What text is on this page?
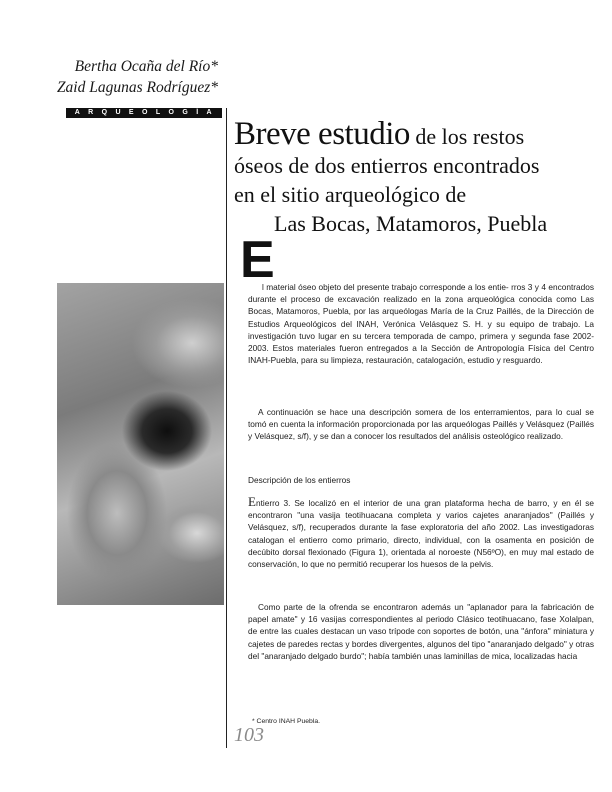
Bertha Ocaña del Río*
Zaid Lagunas Rodríguez*
ARQUEOLOGÍA
Breve estudio de los restos
óseos de dos entierros encontrados
en el sitio arqueológico de
Las Bocas, Matamoros, Puebla
E
l material óseo objeto del presente trabajo corresponde a los entie- rros 3 y 4 encontrados durante el proceso de excavación realizado en la zona arqueológica conocida como Las Bocas, Matamoros, Puebla, por las arqueólogas María de la Cruz Paillés, de la Dirección de Estudios Arqueológicos del INAH, Verónica Velásquez S. H. y su equipo de trabajo. La investigación tuvo lugar en su tercera temporada de campo, primera y segunda fase 2002-2003. Estos materiales fueron entregados a la Sección de Antropología Física del Centro INAH-Puebla, para su limpieza, restauración, catalogación, estudio y resguardo.
A continuación se hace una descripción somera de los enterramientos, para lo cual se tomó en cuenta la información proporcionada por las arqueólogas Paillés y Velásquez (Paillés y Velásquez, s/f), y se dan a conocer los resultados del análisis osteológico realizado.
Descripción de los entierros
Entierro 3. Se localizó en el interior de una gran plataforma hecha de barro, y en él se encontraron "una vasija teotihuacana completa y varios cajetes anaranjados" (Paillés y Velásquez, s/f), recuperados durante la fase exploratoria del año 2002. Las investigadoras catalogan el entierro como primario, directo, individual, con la osamenta en posición de decúbito dorsal flexionado (Figura 1), orientada al noroeste (N56ºO), en muy mal estado de conservación, lo que no permitió recuperar los huesos de la pelvis.
Como parte de la ofrenda se encontraron además un "aplanador para la fabricación de papel amate" y 16 vasijas correspondientes al periodo Clásico teotihuacano, fase Xolalpan, de entre las cuales destacan un vaso trípode con soportes de botón, una "ánfora" miniatura y cajetes de paredes rectas y bordes divergentes, algunos del tipo "anaranjado delgado" y otras del "anaranjado delgado burdo"; había también unas laminillas de mica, localizadas hacia
* Centro INAH Puebla.
103
